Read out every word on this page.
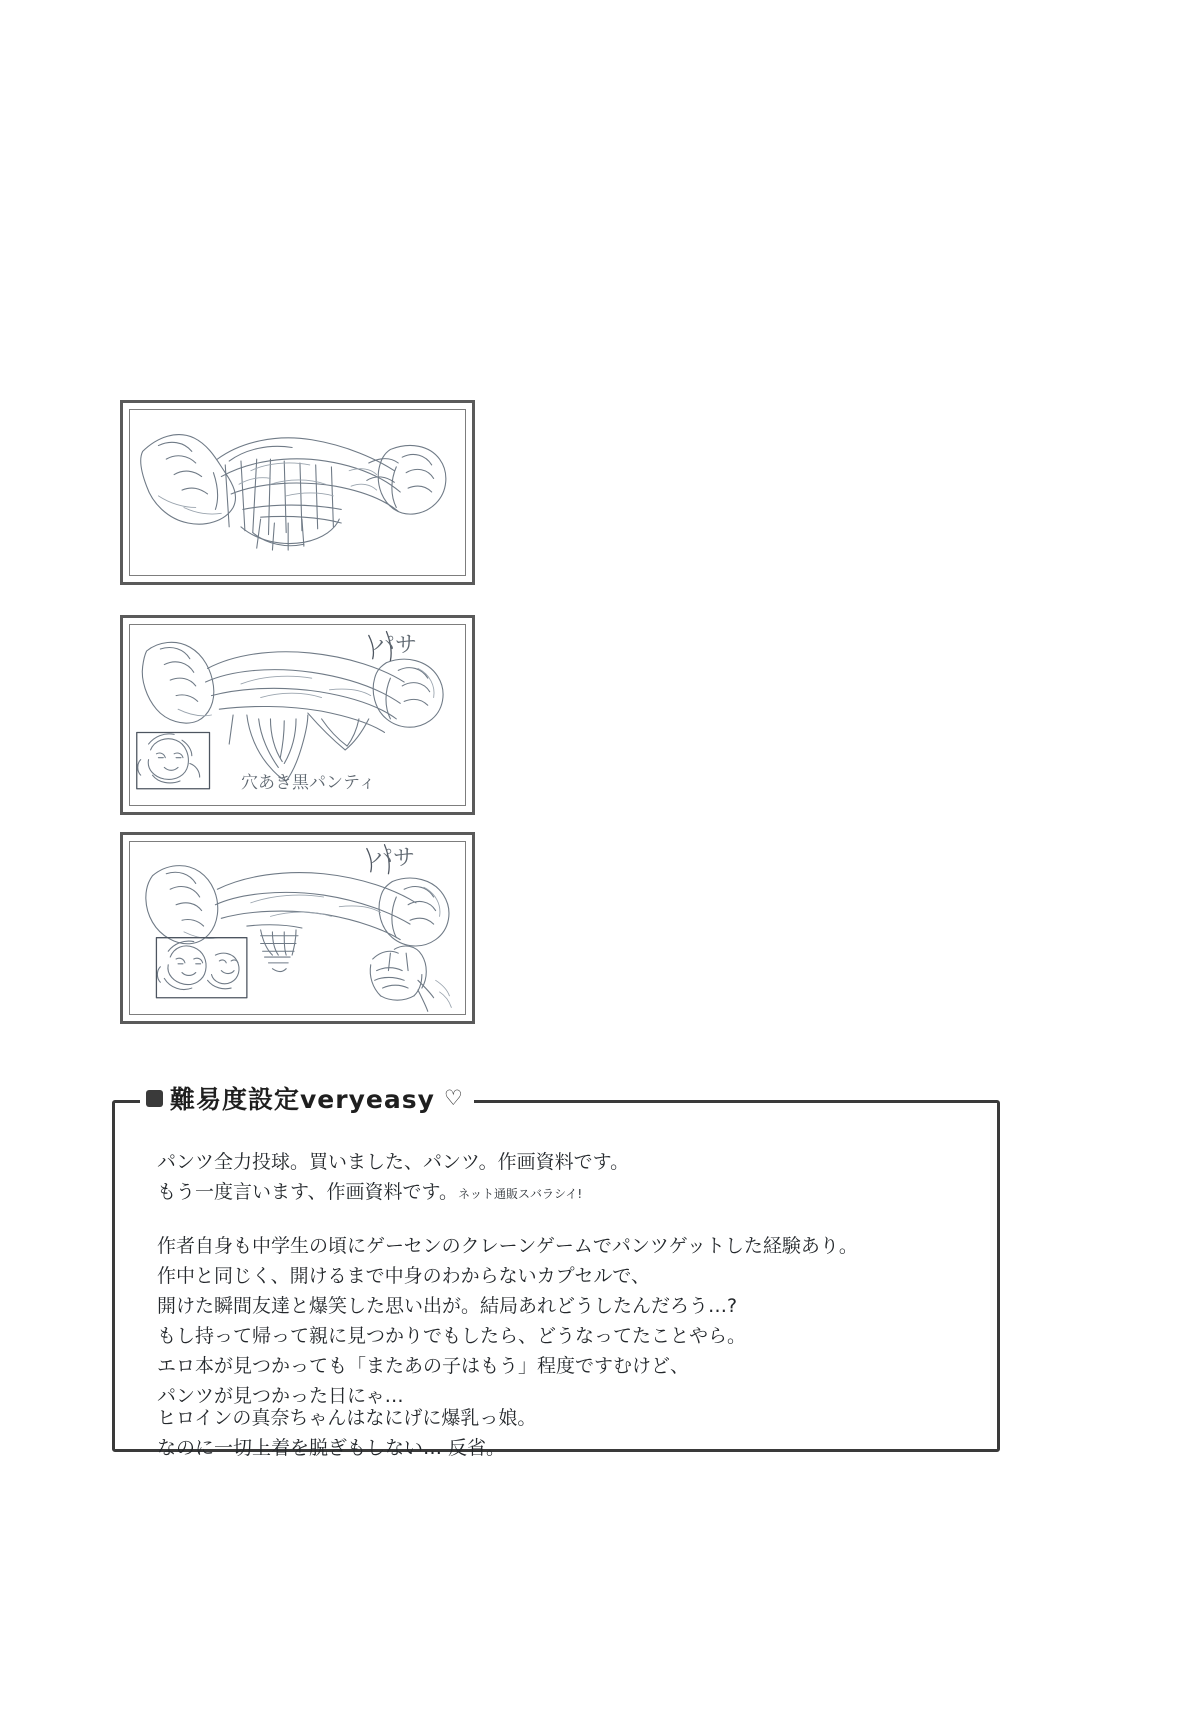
パサ
穴あき黒パンティ
パサ

パンツ全力投球。買いました、パンツ。作画資料です。

もう一度言います、作画資料です。ネット通販スバラシイ!

作者自身も中学生の頃にゲーセンのクレーンゲームでパンツゲットした経験あり。

作中と同じく、開けるまで中身のわからないカプセルで、

開けた瞬間友達と爆笑した思い出が。結局あれどうしたんだろう…?

もし持って帰って親に見つかりでもしたら、どうなってたことやら。

エロ本が見つかっても「またあの子はもう」程度ですむけど、

パンツが見つかった日にゃ…

ヒロインの真奈ちゃんはなにげに爆乳っ娘。

なのに一切上着を脱ぎもしない… 反省。

難易度設定veryeasy ♡
